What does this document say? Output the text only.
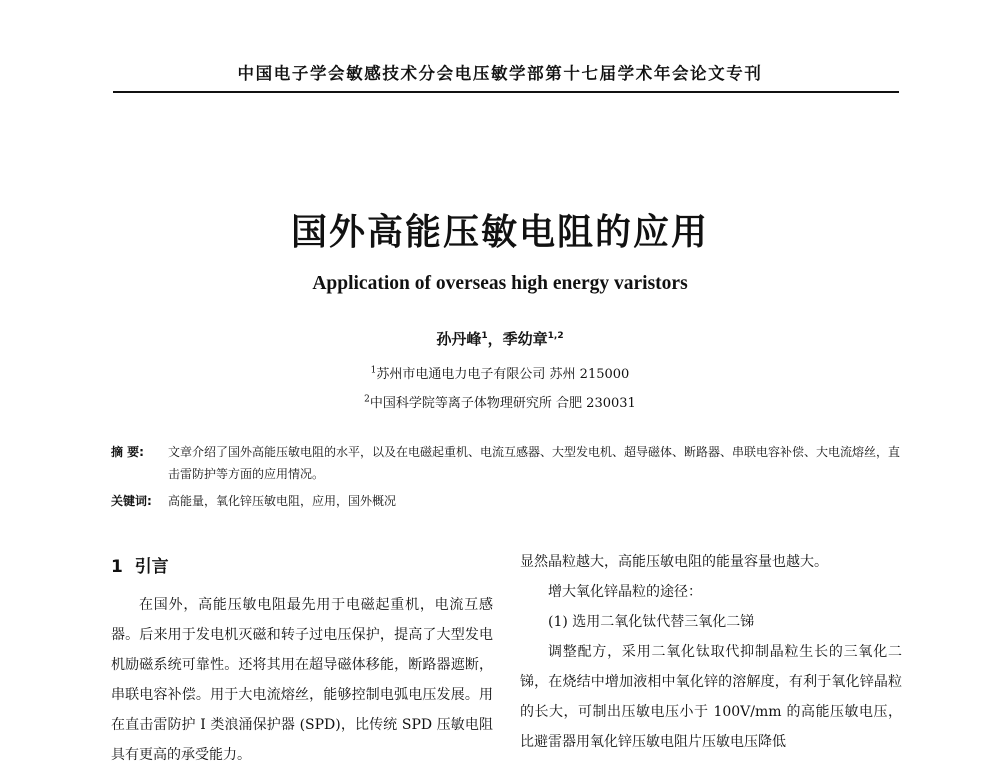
中国电子学会敏感技术分会电压敏学部第十七届学术年会论文专刊
国外高能压敏电阻的应用
Application of overseas high energy varistors
孙丹峰$^1$，季幼章$^{1,2}$
$^1$苏州市电通电力电子有限公司 苏州 215000
$^2$中国科学院等离子体物理研究所 合肥 230031
摘 要: 文章介绍了国外高能压敏电阻的水平，以及在电磁起重机、电流互感器、大型发电机、超导磁体、断路器、串联电容补偿、大电流熔丝，直击雷防护等方面的应用情况。
关键词: 高能量，氧化锌压敏电阻，应用，国外概况
1 引言

在国外，高能压敏电阻最先用于电磁起重机，电流互感器。后来用于发电机灭磁和转子过电压保护，提高了大型发电机励磁系统可靠性。还将其用在超导磁体移能，断路器遮断，串联电容补偿。用于大电流熔丝，能够控制电弧电压发展。用在直击雷防护 I 类浪涌保护器 (SPD)，比传统 SPD 压敏电阻具有更高的承受能力。

显然晶粒越大，高能压敏电阻的能量容量也越大。

增大氧化锌晶粒的途径：

(1) 选用二氧化钛代替三氧化二锑

调整配方，采用二氧化钛取代抑制晶粒生长的三氧化二锑，在烧结中增加液相中氧化锌的溶解度，有利于氧化锌晶粒的长大，可制出压敏电压小于 100V/mm 的高能压敏电压，比避雷器用氧化锌压敏电阻片压敏电压降低
